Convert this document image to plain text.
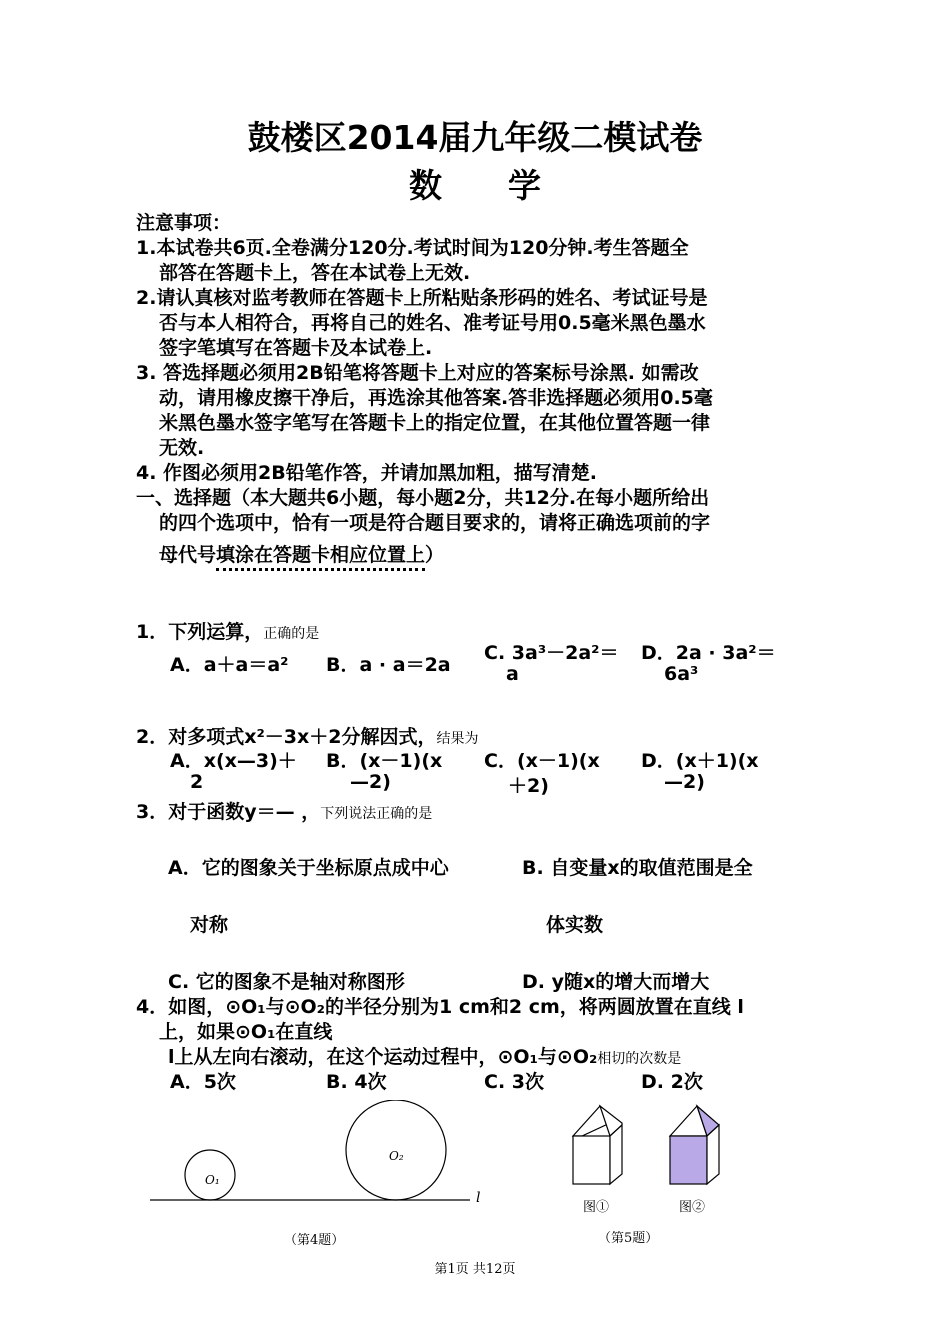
鼓楼区2014届九年级二模试卷
数　　学
注意事项：
1.本试卷共6页.全卷满分120分.考试时间为120分钟.考生答题全
部答在答题卡上，答在本试卷上无效.
2.请认真核对监考教师在答题卡上所粘贴条形码的姓名、考试证号是
否与本人相符合，再将自己的姓名、准考证号用0.5毫米黑色墨水
签字笔填写在答题卡及本试卷上.
3. 答选择题必须用2B铅笔将答题卡上对应的答案标号涂黑. 如需改
动，请用橡皮擦干净后，再选涂其他答案.答非选择题必须用0.5毫
米黑色墨水签字笔写在答题卡上的指定位置，在其他位置答题一律
无效.
4. 作图必须用2B铅笔作答，并请加黑加粗，描写清楚.
一、选择题（本大题共6小题，每小题2分，共12分.在每小题所给出
的四个选项中，恰有一项是符合题目要求的，请将正确选项前的字
母代号填涂在答题卡相应位置上）
1．下列运算，正确的是
A．a＋a＝a² B．a · a＝2a
C. 3a³－2a²＝
a
D．2a · 3a²＝
6a³
2．对多项式x²－3x＋2分解因式，结果为
A．x(x—3)＋
2
B．(x－1)(x
—2)
C．(x－1)(x
＋2)
D．(x＋1)(x
—2)
3．对于函数y＝— ，下列说法正确的是
A．它的图象关于坐标原点成中心
对称
B. 自变量x的取值范围是全
体实数
C. 它的图象不是轴对称图形	D. y随x的增大而增大
4．如图，⊙O₁与⊙O₂的半径分别为1 cm和2 cm，将两圆放置在直线 l
上，如果⊙O₁在直线
l上从左向右滚动，在这个运动过程中，⊙O₁与⊙O₂相切的次数是
A．5次	B. 4次	C. 3次	D. 2次
O₁
O₂
l
（第4题）
图①	图②
（第5题）
第1页 共12页
